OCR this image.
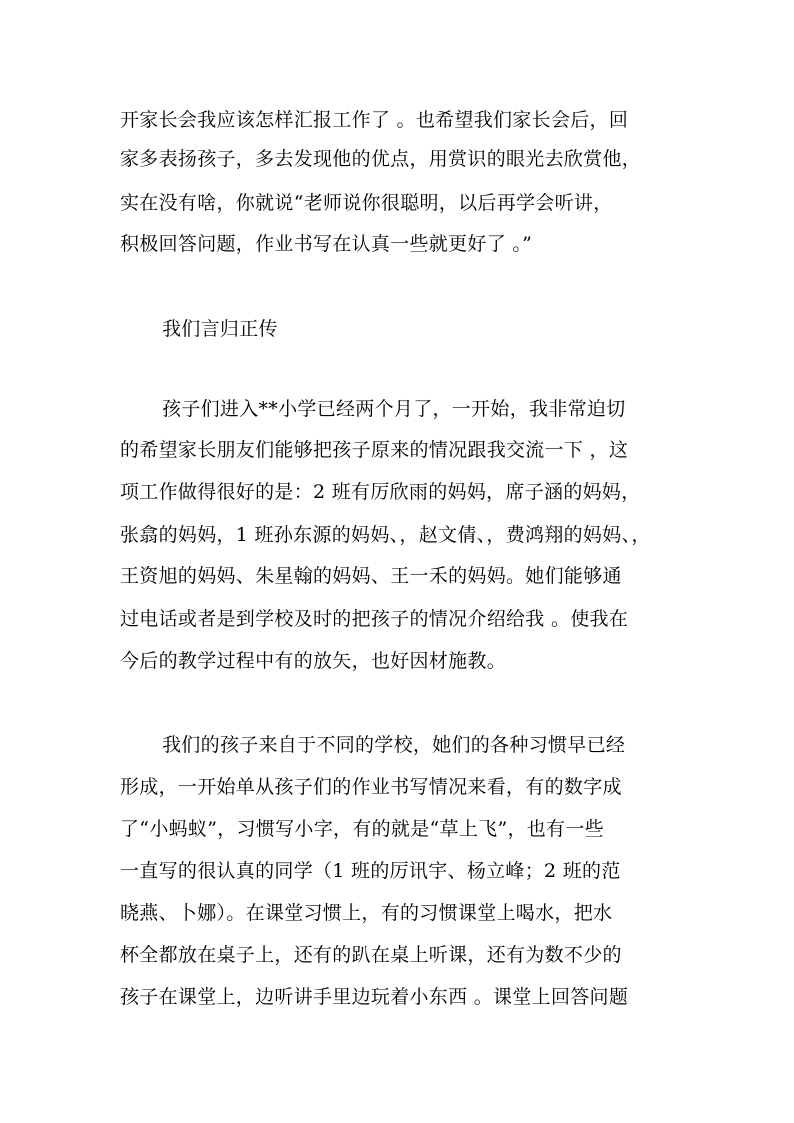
开家长会我应该怎样汇报工作了 。也希望我们家长会后，回
家多表扬孩子，多去发现他的优点，用赏识的眼光去欣赏他，
实在没有啥，你就说“老师说你很聪明，以后再学会听讲，
积极回答问题，作业书写在认真一些就更好了 。”
我们言归正传
孩子们进入**小学已经两个月了，一开始，我非常迫切
的希望家长朋友们能够把孩子原来的情况跟我交流一下 ，这
项工作做得很好的是：2 班有厉欣雨的妈妈，席子涵的妈妈，
张翕的妈妈，1 班孙东源的妈妈、，赵文倩、，费鸿翔的妈妈、，
王资旭的妈妈、朱星翰的妈妈、王一禾的妈妈。她们能够通
过电话或者是到学校及时的把孩子的情况介绍给我 。使我在
今后的教学过程中有的放矢，也好因材施教。
我们的孩子来自于不同的学校，她们的各种习惯早已经
形成，一开始单从孩子们的作业书写情况来看，有的数字成
了“小蚂蚁”，习惯写小字，有的就是“草上飞”，也有一些
一直写的很认真的同学（1 班的厉讯宇、杨立峰；2 班的范
晓燕、卜娜）。在课堂习惯上，有的习惯课堂上喝水，把水
杯全都放在桌子上，还有的趴在桌上听课，还有为数不少的
孩子在课堂上，边听讲手里边玩着小东西 。课堂上回答问题
